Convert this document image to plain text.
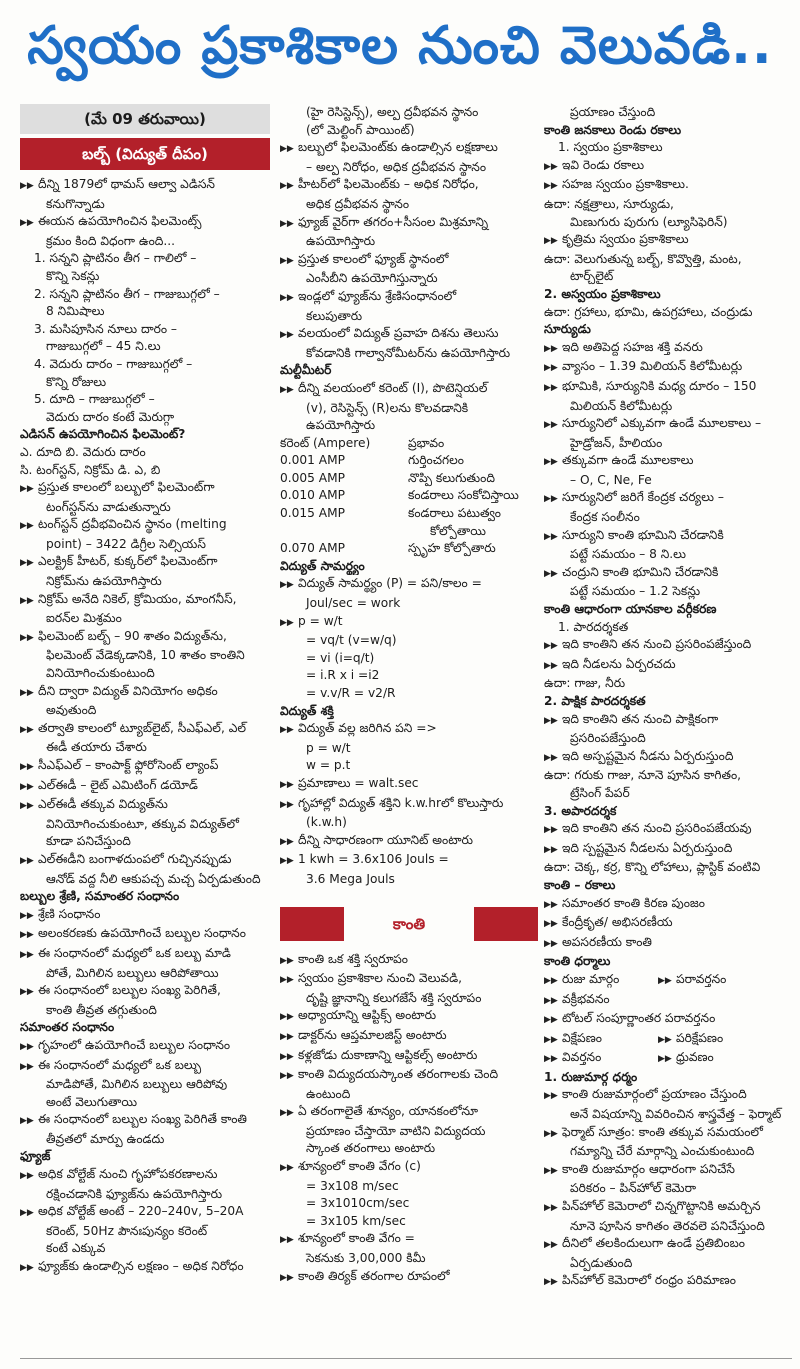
స్వయం ప్రకాశికాల నుంచి వెలువడి..
(మే 09 తరువాయి)
బల్బ్ (విద్యుత్ దీపం)
▶▶ దీన్ని 1879లో థామస్ ఆల్వా ఎడిసన్
కనుగొన్నాడు
▶▶ ఈయన ఉపయోగించిన ఫిలమెంట్స్
క్రమం కింది విధంగా ఉంది...
1. సన్నని ప్లాటినం తీగ – గాలిలో –
కొన్ని సెకన్లు
2. సన్నని ప్లాటినం తీగ – గాజుబుగ్గలో –
8 నిమిషాలు
3. మసిపూసిన నూలు దారం –
గాజుబుగ్గలో – 45 ని.లు
4. వెదురు దారం – గాజుబుగ్గలో –
కొన్ని రోజులు
5. దూది – గాజుబుగ్గలో –
వెదురు దారం కంటే మెరుగ్గా
ఎడిసన్ ఉపయోగించిన ఫిలమెంట్?
ఎ. దూది బి. వెదురు దారం
సి. టంగ్‌స్టన్, నిక్రోమ్ డి. ఎ, బి
▶▶ ప్రస్తుత కాలంలో బల్బులో ఫిలమెంట్‌గా
టంగ్‌స్టన్‌ను వాడుతున్నారు
▶▶ టంగ్‌స్టన్ ద్రవీభవించిన స్థానం (melting
point) – 3422 డిగ్రీల సెల్సియస్
▶▶ ఎలక్ట్రిక్ హీటర్, కుక్కర్‌లో ఫిలమెంట్‌గా
నిక్రోమ్‌ను ఉపయోగిస్తారు
▶▶ నిక్రోమ్ అనేది నికెల్, క్రోమియం, మాంగనీస్,
ఐరన్‌ల మిశ్రమం
▶▶ ఫిలమెంట్ బల్బ్ – 90 శాతం విద్యుత్‌ను,
ఫిలమెంట్ వేడెక్కడానికి, 10 శాతం కాంతిని
వినియోగించుకుంటుంది
▶▶ దీని ద్వారా విద్యుత్ వినియోగం అధికం
అవుతుంది
▶▶ తర్వాతి కాలంలో ట్యూబ్‌లైట్, సీఎఫ్ఎల్, ఎల్
ఈడీ తయారు చేశారు
▶▶ సీఎఫ్ఎల్ – కాంపాక్ట్ ఫ్లోరోసెంట్ ల్యాంప్
▶▶ ఎల్ఈడీ – లైట్ ఎమిటింగ్ డయోడ్
▶▶ ఎల్ఈడీ తక్కువ విద్యుత్‌ను
వినియోగించుకుంటూ, తక్కువ విద్యుత్‌లో
కూడా పనిచేస్తుంది
▶▶ ఎల్ఈడీని బంగాళదుంపలో గుచ్చినప్పుడు
ఆనోడ్ వద్ద నీలి ఆకుపచ్చ మచ్చ ఏర్పడుతుంది
బల్బుల శ్రేణి, సమాంతర సంధానం
▶▶ శ్రేణి సంధానం
▶▶ అలంకరణకు ఉపయోగించే బల్బుల సంధానం
▶▶ ఈ సంధానంలో మధ్యలో ఒక బల్బు మాడి
పోతే, మిగిలిన బల్బులు ఆరిపోతాయి
▶▶ ఈ సంధానంలో బల్బుల సంఖ్య పెరిగితే,
కాంతి తీవ్రత తగ్గుతుంది
సమాంతర సంధానం
▶▶ గృహంలో ఉపయోగించే బల్బుల సంధానం
▶▶ ఈ సంధానంలో మధ్యలో ఒక బల్బు
మాడిపోతే, మిగిలిన బల్బులు ఆరిపోవు
అంటే వెలుగుతాయి
▶▶ ఈ సంధానంలో బల్బుల సంఖ్య పెరిగితే కాంతి
తీవ్రతలో మార్పు ఉండదు
ఫ్యూజ్
▶▶ అధిక వోల్టేజ్ నుంచి గృహోపకరణాలను
రక్షించడానికి ఫ్యూజ్‌ను ఉపయోగిస్తారు
▶▶ అధిక వోల్టేజ్ అంటే – 220–240v, 5–20A
కరెంట్, 50Hz పౌనఃపున్యం కరెంట్
కంటే ఎక్కువ
▶▶ ఫ్యూజ్‌కు ఉండాల్సిన లక్షణం – అధిక నిరోధం
(హై రెసిస్టెన్స్), అల్ప ద్రవీభవన స్థానం
(లో మెల్టింగ్ పాయింట్)
▶▶ బల్బులో ఫిలమెంట్‌కు ఉండాల్సిన లక్షణాలు
– అల్ప నిరోధం, అధిక ద్రవీభవన స్థానం
▶▶ హీటర్‌లో ఫిలమెంట్‌కు – అధిక నిరోధం,
అధిక ద్రవీభవన స్థానం
▶▶ ఫ్యూజ్ వైర్‌గా తగరం+సీసంల మిశ్రమాన్ని
ఉపయోగిస్తారు
▶▶ ప్రస్తుత కాలంలో ఫ్యూజ్ స్థానంలో
ఎంసీబీని ఉపయోగిస్తున్నారు
▶▶ ఇండ్లలో ఫ్యూజ్‌ను శ్రేణిసంధానంలో
కలుపుతారు
▶▶ వలయంలో విద్యుత్ ప్రవాహ దిశను తెలుసు
కోవడానికి గాల్వానోమీటర్‌ను ఉపయోగిస్తారు
మల్టీమీటర్
▶▶ దీన్ని వలయంలో కరెంట్ (I), పొటెన్షియల్
(v), రెసిస్టెన్స్ (R)లను కొలవడానికి
ఉపయోగిస్తారు
కరెంట్ (Ampere)	ప్రభావం
0.001 AMP	గుర్తించగలం
0.005 AMP	నొప్పి కలుగుతుంది
0.010 AMP	కండరాలు సంకోచిస్తాయి
0.015 AMP	కండరాలు పటుత్వం
	కోల్పోతాయి
0.070 AMP	స్పృహ కోల్పోతారు
విద్యుత్ సామర్థ్యం
▶▶ విద్యుత్ సామర్థ్యం (P) = పని/కాలం =
Joul/sec = work
▶▶ p = w/t
= vq/t (v=w/q)
= vi (i=q/t)
= i.R x i =i2
= v.v/R = v2/R
విద్యుత్ శక్తి
▶▶ విద్యుత్ వల్ల జరిగిన పని =>
p = w/t
w = p.t
▶▶ ప్రమాణాలు = walt.sec
▶▶ గృహాల్లో విద్యుత్ శక్తిని k.w.hrలో కొలుస్తారు
(k.w.h)
▶▶ దీన్ని సాధారణంగా యూనిట్ అంటారు
▶▶ 1 kwh = 3.6x106 Jouls =
3.6 Mega Jouls
కాంతి
▶▶ కాంతి ఒక శక్తి స్వరూపం
▶▶ స్వయం ప్రకాశికాల నుంచి వెలువడి,
దృష్టి జ్ఞానాన్ని కలుగజేసే శక్తి స్వరూపం
▶▶ అధ్యాయాన్ని ఆప్టిక్స్ అంటారు
▶▶ డాక్టర్‌ను ఆప్తమాలజిస్ట్ అంటారు
▶▶ కళ్లజోడు దుకాణాన్ని ఆప్టికల్స్ అంటారు
▶▶ కాంతి విద్యుదయస్కాంత తరంగాలకు చెంది
ఉంటుంది
▶▶ ఏ తరంగాలైతే శూన్యం, యానకంలోనూ
ప్రయాణం చేస్తాయో వాటిని విద్యుదయ
స్కాంత తరంగాలు అంటారు
▶▶ శూన్యంలో కాంతి వేగం (c)
= 3x108 m/sec
= 3x1010cm/sec
= 3x105 km/sec
▶▶ శూన్యంలో కాంతి వేగం =
సెకనుకు 3,00,000 కిమీ
▶▶ కాంతి తిర్యక్ తరంగాల రూపంలో
ప్రయాణం చేస్తుంది
కాంతి జనకాలు రెండు రకాలు
1. స్వయం ప్రకాశికాలు
▶▶ ఇవి రెండు రకాలు
▶▶ సహజ స్వయం ప్రకాశికాలు.
ఉదా: నక్షత్రాలు, సూర్యుడు,
మిణుగురు పురుగు (ల్యూసిఫెరిన్)
▶▶ కృత్రిమ స్వయం ప్రకాశికాలు
ఉదా: వెలుగుతున్న బల్బ్, కొవ్వొత్తి, మంట,
టార్చ్‌లైట్
2. అస్వయం ప్రకాశికాలు
ఉదా: గ్రహాలు, భూమి, ఉపగ్రహాలు, చంద్రుడు
సూర్యుడు
▶▶ ఇది అతిపెద్ద సహజ శక్తి వనరు
▶▶ వ్యాసం – 1.39 మిలియన్ కిలోమీటర్లు
▶▶ భూమికి, సూర్యునికి మధ్య దూరం – 150
మిలియన్ కిలోమీటర్లు
▶▶ సూర్యునిలో ఎక్కువగా ఉండే మూలకాలు –
హైడ్రోజన్, హీలియం
▶▶ తక్కువగా ఉండే మూలకాలు
– O, C, Ne, Fe
▶▶ సూర్యునిలో జరిగే కేంద్రక చర్యలు –
కేంద్రక సంలీనం
▶▶ సూర్యుని కాంతి భూమిని చేరడానికి
పట్టే సమయం – 8 ని.లు
▶▶ చంద్రుని కాంతి భూమిని చేరడానికి
పట్టే సమయం – 1.2 సెకన్లు
కాంతి ఆధారంగా యానకాల వర్గీకరణ
1. పారదర్శకత
▶▶ ఇది కాంతిని తన నుంచి ప్రసరింపజేస్తుంది
▶▶ ఇది నీడలను ఏర్పరచదు
ఉదా: గాజు, నీరు
2. పాక్షిక పారదర్శకత
▶▶ ఇది కాంతిని తన నుంచి పాక్షికంగా
ప్రసరింపజేస్తుంది
▶▶ ఇది అస్పష్టమైన నీడను ఏర్పరుస్తుంది
ఉదా: గరుకు గాజు, నూనె పూసిన కాగితం,
ట్రేసింగ్ పేపర్
3. అపారదర్శక
▶▶ ఇది కాంతిని తన నుంచి ప్రసరింపజేయవు
▶▶ ఇది స్పష్టమైన నీడలను ఏర్పరుస్తుంది
ఉదా: చెక్క, కర్ర, కొన్ని లోహాలు, ప్లాస్టిక్ వంటివి
కాంతి – రకాలు
▶▶ సమాంతర కాంతి కిరణ పుంజం
▶▶ కేంద్రీకృత/ అభిసరణీయ
▶▶ అపసరణీయ కాంతి
కాంతి ధర్మాలు
▶▶ రుజు మార్గం	▶▶ పరావర్తనం
▶▶ వక్రీభవనం
▶▶ టోటల్ సంపూర్ణాంతర పరావర్తనం
▶▶ విక్షేపణం	▶▶ పరిక్షేపణం
▶▶ వివర్తనం	▶▶ ధ్రువణం
1. రుజుమార్గ ధర్మం
▶▶ కాంతి రుజుమార్గంలో ప్రయాణం చేస్తుంది
అనే విషయాన్ని వివరించిన శాస్త్రవేత్త – ఫెర్మాట్
▶▶ ఫెర్మాట్ సూత్రం: కాంతి తక్కువ సమయంలో
గమ్యాన్ని చేరే మార్గాన్ని ఎంచుకుంటుంది
▶▶ కాంతి రుజుమార్గం ఆధారంగా పనిచేసే
పరికరం – పిన్‌హోల్ కెమెరా
▶▶ పిన్‌హోల్ కెమెరాలో చిన్నగొట్టానికి అమర్చిన
నూనె పూసిన కాగితం తెరవలె పనిచేస్తుంది
▶▶ దీనిలో తలకిందులుగా ఉండే ప్రతిబింబం
ఏర్పడుతుంది
▶▶ పిన్‌హోల్ కెమెరాలో రంధ్రం పరిమాణం
